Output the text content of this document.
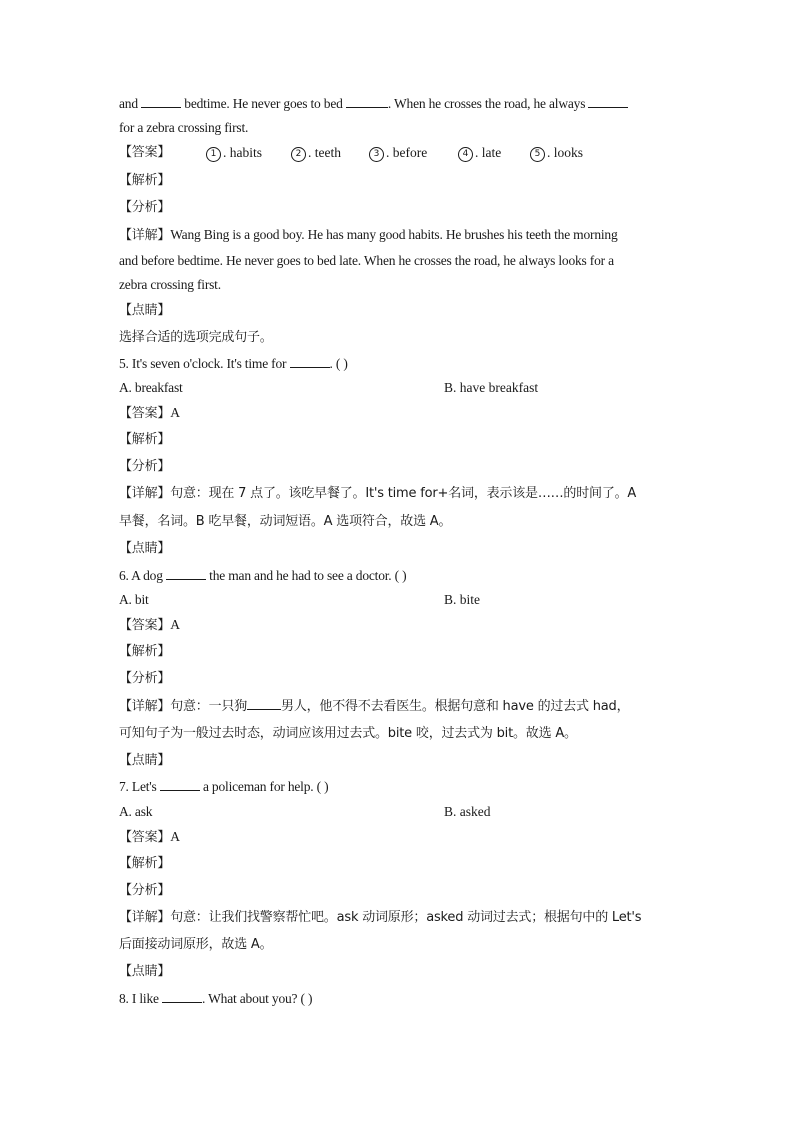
and	bedtime. He never goes to bed	. When he crosses the road, he always
for a zebra crossing first.
【答案】	1 . habits	2 . teeth	3 . before	4 . late	5 . looks
【解析】
【分析】
【详解】Wang Bing is a good boy. He has many good habits. He brushes his teeth the morning
and before bedtime. He never goes to bed late. When he crosses the road, he always looks for a
zebra crossing first.
【点睛】
选择合适的选项完成句子。
5. It's seven o'clock. It's time for	. ( )
A. breakfast	B. have breakfast
【答案】A
【解析】
【分析】
【详解】句意：现在 7 点了。该吃早餐了。It's time for+名词，表示该是……的时间了。A
早餐，名词。B 吃早餐，动词短语。A 选项符合，故选 A。
【点睛】
6. A dog	the man and he had to see a doctor. ( )
A. bit	B. bite
【答案】A
【解析】
【分析】
【详解】句意：一只狗	男人，他不得不去看医生。根据句意和 have 的过去式 had，
可知句子为一般过去时态，动词应该用过去式。bite 咬，过去式为 bit。故选 A。
【点睛】
7. Let's	a policeman for help. ( )
A. ask	B. asked
【答案】A
【解析】
【分析】
【详解】句意：让我们找警察帮忙吧。ask 动词原形；asked 动词过去式；根据句中的 Let's
后面接动词原形，故选 A。
【点睛】
8. I like	. What about you? ( )
